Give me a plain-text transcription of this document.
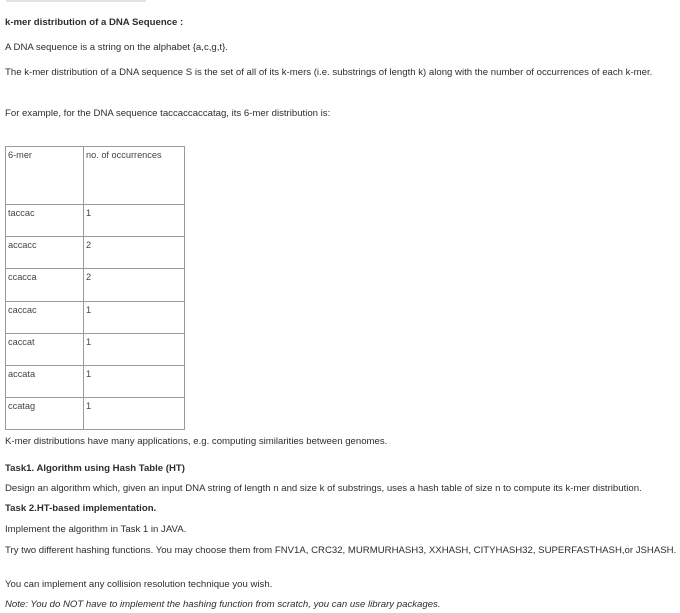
k-mer distribution of a DNA Sequence :
A DNA sequence is a string on the alphabet {a,c,g,t}.
The k-mer distribution of a DNA sequence S is the set of all of its k-mers (i.e. substrings of length k) along with the number of occurrences of each k-mer.
For example, for the DNA sequence taccaccaccatag, its 6-mer distribution is:
6-mer	no. of occurrences
taccac	1
accacc	2
ccacca	2
caccac	1
caccat	1
accata	1
ccatag	1
K-mer distributions have many applications, e.g. computing similarities between genomes.
Task1. Algorithm using Hash Table (HT)
Design an algorithm which, given an input DNA string of length n and size k of substrings, uses a hash table of size n to compute its k-mer distribution.
Task 2.HT-based implementation.
Implement the algorithm in Task 1 in JAVA.
Try two different hashing functions. You may choose them from FNV1A, CRC32, MURMURHASH3, XXHASH, CITYHASH32, SUPERFASTHASH,or JSHASH.
You can implement any collision resolution technique you wish.
Note: You do NOT have to implement the hashing function from scratch, you can use library packages.
